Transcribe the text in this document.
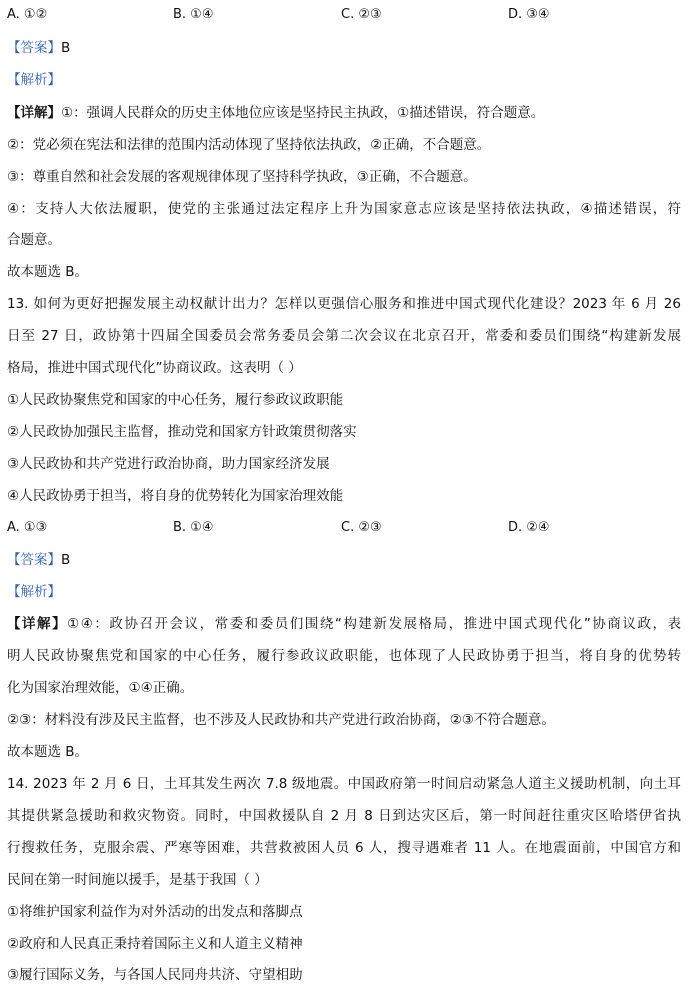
A. ①②	B. ①④	C. ②③	D. ③④
【答案】B
【解析】
【详解】①：强调人民群众的历史主体地位应该是坚持民主执政，①描述错误，符合题意。
②：党必须在宪法和法律的范围内活动体现了坚持依法执政，②正确，不合题意。
③：尊重自然和社会发展的客观规律体现了坚持科学执政，③正确，不合题意。
④：支持人大依法履职，使党的主张通过法定程序上升为国家意志应该是坚持依法执政，④描述错误，符
合题意。
故本题选 B。
13. 如何为更好把握发展主动权献计出力？怎样以更强信心服务和推进中国式现代化建设？2023 年 6 月 26
日至 27 日，政协第十四届全国委员会常务委员会第二次会议在北京召开，常委和委员们围绕“构建新发展
格局，推进中国式现代化”协商议政。这表明（ ）
①人民政协聚焦党和国家的中心任务，履行参政议政职能
②人民政协加强民主监督，推动党和国家方针政策贯彻落实
③人民政协和共产党进行政治协商，助力国家经济发展
④人民政协勇于担当，将自身的优势转化为国家治理效能
A. ①③	B. ①④	C. ②③	D. ②④
【答案】B
【解析】
【详解】①④：政协召开会议，常委和委员们围绕“构建新发展格局，推进中国式现代化”协商议政，表
明人民政协聚焦党和国家的中心任务，履行参政议政职能，也体现了人民政协勇于担当，将自身的优势转
化为国家治理效能，①④正确。
②③：材料没有涉及民主监督，也不涉及人民政协和共产党进行政治协商，②③不符合题意。
故本题选 B。
14. 2023 年 2 月 6 日，土耳其发生两次 7.8 级地震。中国政府第一时间启动紧急人道主义援助机制，向土耳
其提供紧急援助和救灾物资。同时，中国救援队自 2 月 8 日到达灾区后，第一时间赶往重灾区哈塔伊省执
行搜救任务，克服余震、严寒等困难，共营救被困人员 6 人，搜寻遇难者 11 人。在地震面前，中国官方和
民间在第一时间施以援手，是基于我国（ ）
①将维护国家利益作为对外活动的出发点和落脚点
②政府和人民真正秉持着国际主义和人道主义精神
③履行国际义务，与各国人民同舟共济、守望相助
